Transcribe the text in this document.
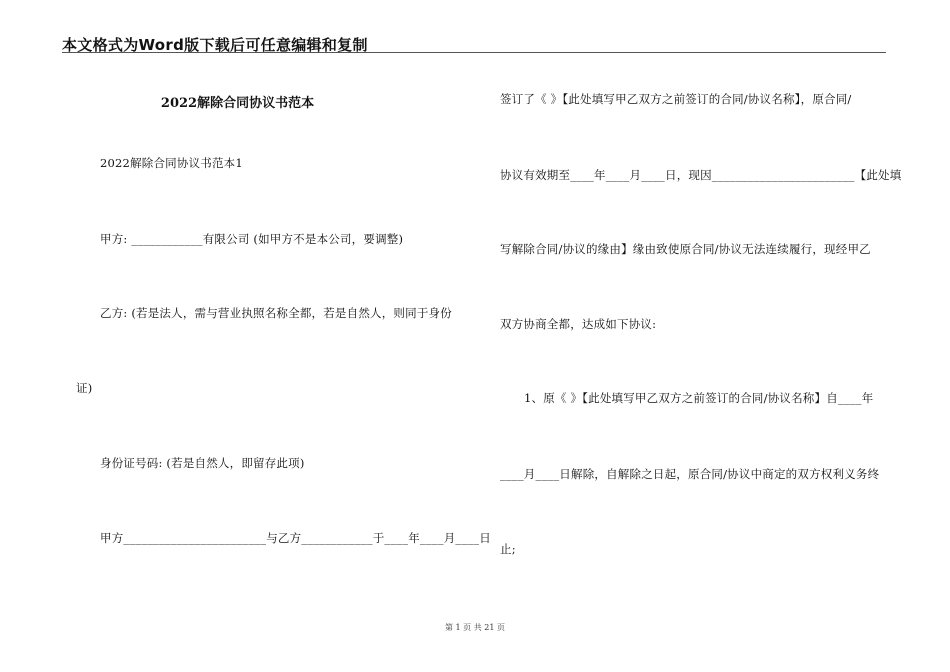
本文格式为Word版下载后可任意编辑和复制
2022解除合同协议书范本
2022解除合同协议书范本1
甲方: ____________有限公司 (如甲方不是本公司，要调整)
乙方: (若是法人，需与营业执照名称全都，若是自然人，则同于身份
证)
身份证号码: (若是自然人，即留存此项)
甲方________________________与乙方____________于____年____月____日
签订了《 》【此处填写甲乙双方之前签订的合同/协议名称】，原合同/
协议有效期至____年____月____日，现因________________________【此处填
写解除合同/协议的缘由】缘由致使原合同/协议无法连续履行，现经甲乙
双方协商全都，达成如下协议:
1、原《 》【此处填写甲乙双方之前签订的合同/协议名称】自____年
____月____日解除，自解除之日起，原合同/协议中商定的双方权利义务终
止;
第 1 页 共 21 页
